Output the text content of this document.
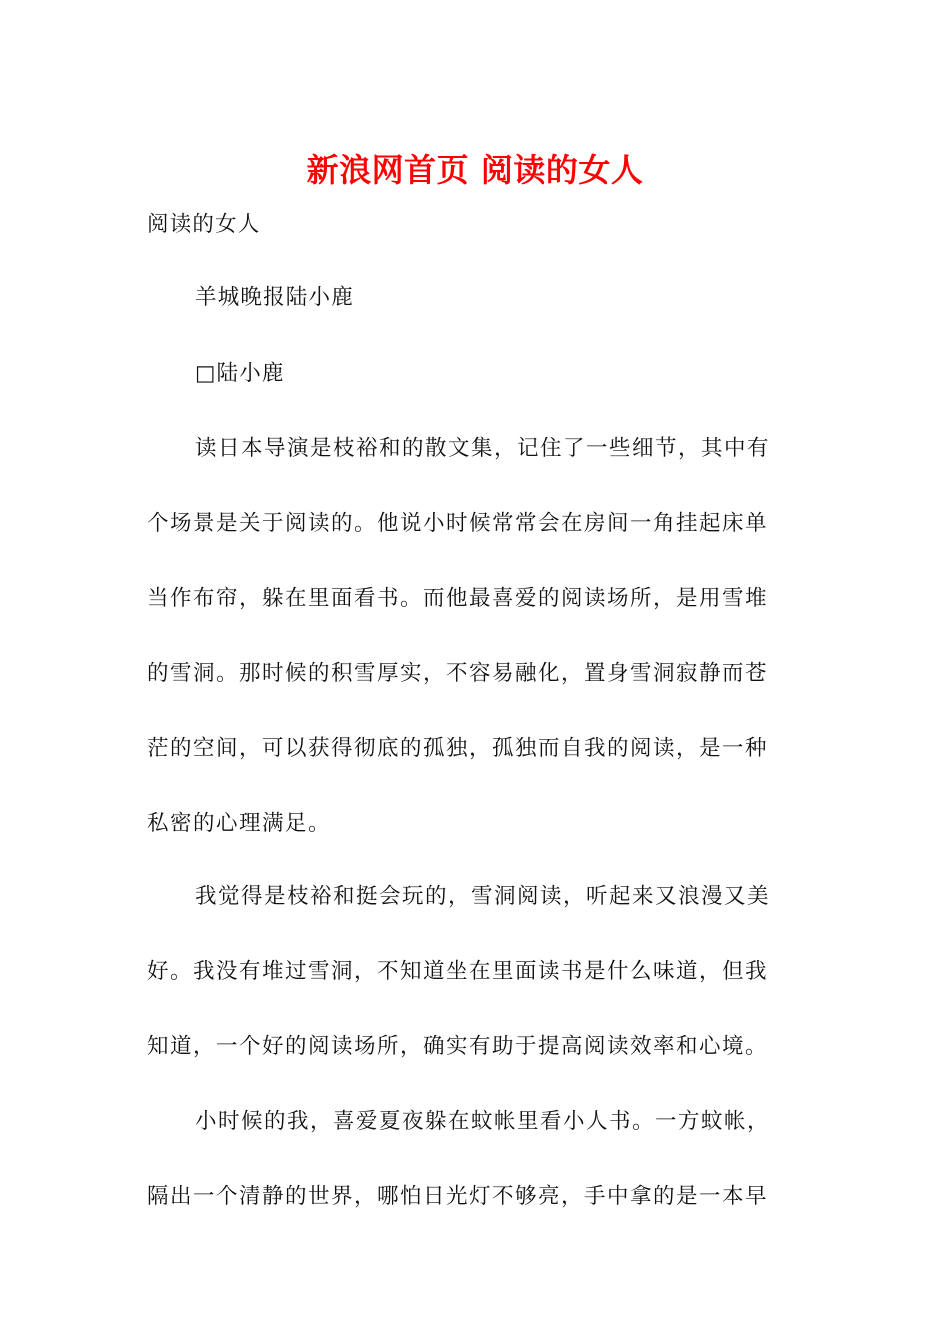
新浪网首页 阅读的女人

阅读的女人

羊城晚报陆小鹿

□陆小鹿

读日本导演是枝裕和的散文集，记住了一些细节，其中有
个场景是关于阅读的。他说小时候常常会在房间一角挂起床单
当作布帘，躲在里面看书。而他最喜爱的阅读场所，是用雪堆
的雪洞。那时候的积雪厚实，不容易融化，置身雪洞寂静而苍
茫的空间，可以获得彻底的孤独，孤独而自我的阅读，是一种
私密的心理满足。
我觉得是枝裕和挺会玩的，雪洞阅读，听起来又浪漫又美
好。我没有堆过雪洞，不知道坐在里面读书是什么味道，但我
知道，一个好的阅读场所，确实有助于提高阅读效率和心境。
小时候的我，喜爱夏夜躲在蚊帐里看小人书。一方蚊帐，
隔出一个清静的世界，哪怕日光灯不够亮，手中拿的是一本早
